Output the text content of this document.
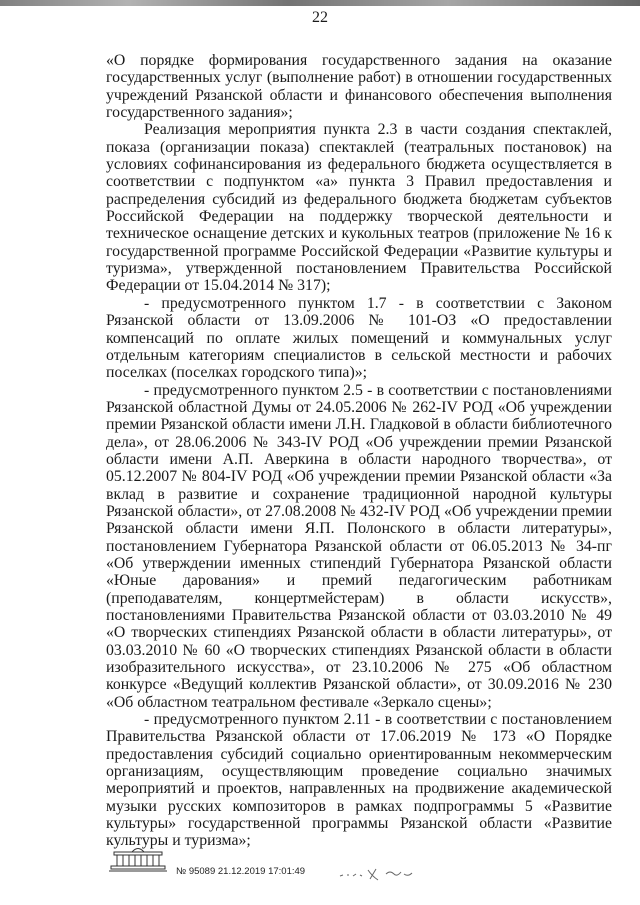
22

«О порядке формирования государственного задания на оказание государственных услуг (выполнение работ) в отношении государственных учреждений Рязанской области и финансового обеспечения выполнения государственного задания»;

Реализация мероприятия пункта 2.3 в части создания спектаклей, показа (организации показа) спектаклей (театральных постановок) на условиях софинансирования из федерального бюджета осуществляется в соответствии с подпунктом «а» пункта 3 Правил предоставления и распределения субсидий из федерального бюджета бюджетам субъектов Российской Федерации на поддержку творческой деятельности и техническое оснащение детских и кукольных театров (приложение № 16 к государственной программе Российской Федерации «Развитие культуры и туризма», утвержденной постановлением Правительства Российской Федерации от 15.04.2014 № 317);

- предусмотренного пунктом 1.7 - в соответствии с Законом Рязанской области от 13.09.2006 № 101-ОЗ «О предоставлении компенсаций по оплате жилых помещений и коммунальных услуг отдельным категориям специалистов в сельской местности и рабочих поселках (поселках городского типа)»;

- предусмотренного пунктом 2.5 - в соответствии с постановлениями Рязанской областной Думы от 24.05.2006 № 262-IV РОД «Об учреждении премии Рязанской области имени Л.Н. Гладковой в области библиотечного дела», от 28.06.2006 № 343-IV РОД «Об учреждении премии Рязанской области имени А.П. Аверкина в области народного творчества», от 05.12.2007 № 804-IV РОД «Об учреждении премии Рязанской области «За вклад в развитие и сохранение традиционной народной культуры Рязанской области», от 27.08.2008 № 432-IV РОД «Об учреждении премии Рязанской области имени Я.П. Полонского в области литературы», постановлением Губернатора Рязанской области от 06.05.2013 № 34-пг «Об утверждении именных стипендий Губернатора Рязанской области «Юные дарования» и премий педагогическим работникам (преподавателям, концертмейстерам) в области искусств», постановлениями Правительства Рязанской области от 03.03.2010 № 49 «О творческих стипендиях Рязанской области в области литературы», от 03.03.2010 № 60 «О творческих стипендиях Рязанской области в области изобразительного искусства», от 23.10.2006 № 275 «Об областном конкурсе «Ведущий коллектив Рязанской области», от 30.09.2016 № 230 «Об областном театральном фестивале «Зеркало сцены»;

- предусмотренного пунктом 2.11 - в соответствии с постановлением Правительства Рязанской области от 17.06.2019 № 173 «О Порядке предоставления субсидий социально ориентированным некоммерческим организациям, осуществляющим проведение социально значимых мероприятий и проектов, направленных на продвижение академической музыки русских композиторов в рамках подпрограммы 5 «Развитие культуры» государственной программы Рязанской области «Развитие культуры и туризма»;

№ 95089 21.12.2019 17:01:49
